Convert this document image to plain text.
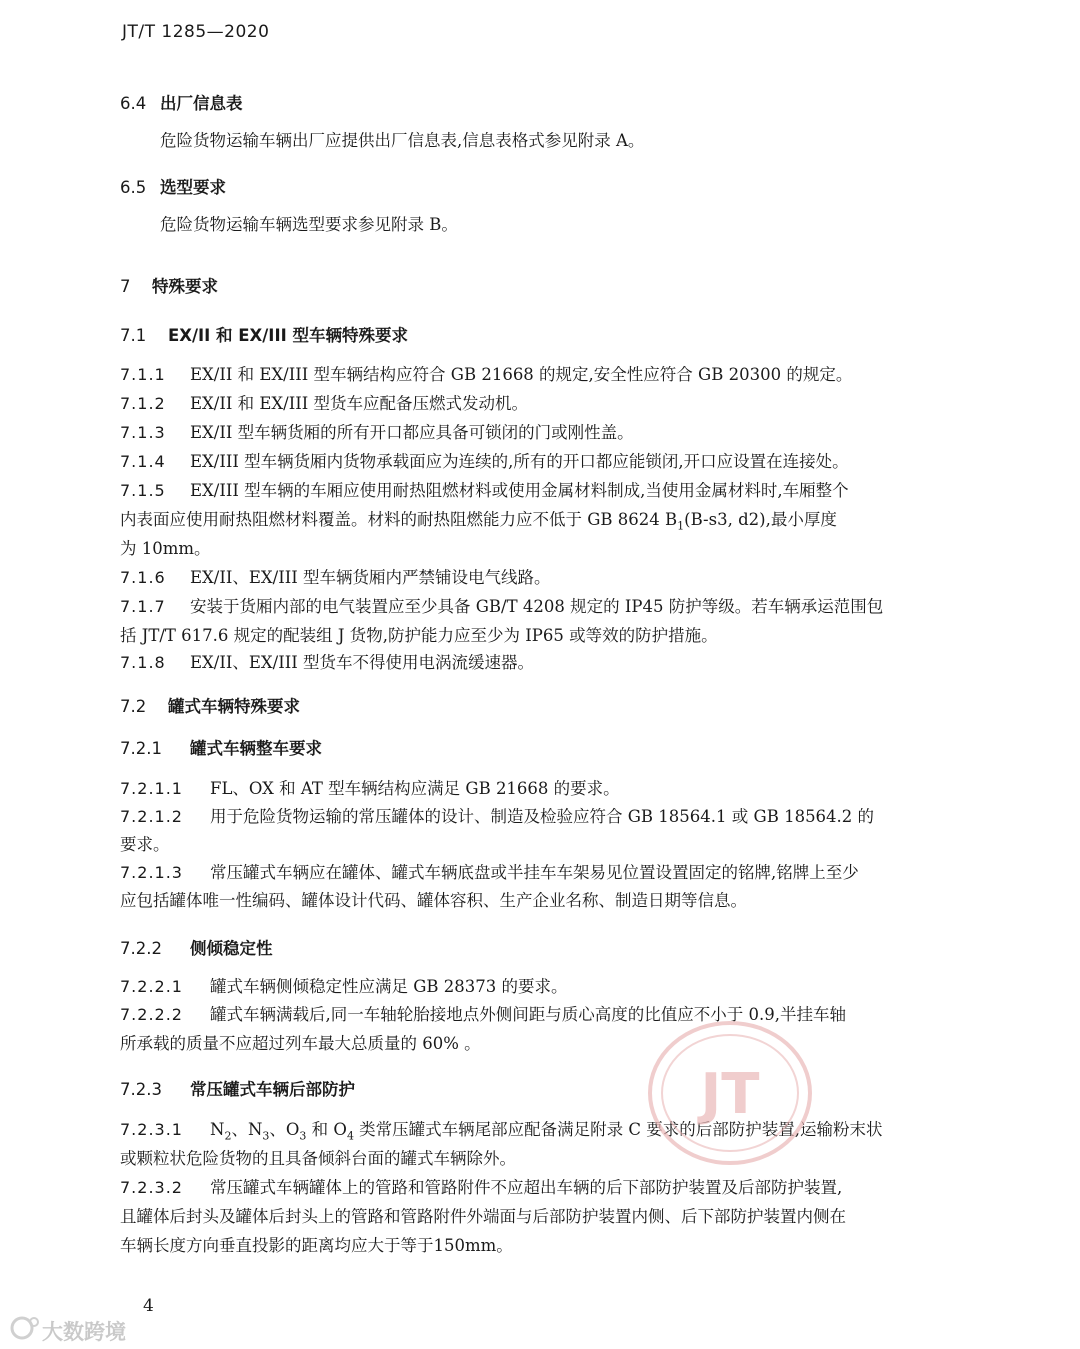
JT/T 1285—2020
6.4 出厂信息表
危险货物运输车辆出厂应提供出厂信息表,信息表格式参见附录 A。
6.5 选型要求
危险货物运输车辆选型要求参见附录 B。
7 特殊要求
7.1 EX/II 和 EX/III 型车辆特殊要求
7.1.1 EX/II 和 EX/III 型车辆结构应符合 GB 21668 的规定,安全性应符合 GB 20300 的规定。
7.1.2 EX/II 和 EX/III 型货车应配备压燃式发动机。
7.1.3 EX/II 型车辆货厢的所有开口都应具备可锁闭的门或刚性盖。
7.1.4 EX/III 型车辆货厢内货物承载面应为连续的,所有的开口都应能锁闭,开口应设置在连接处。
7.1.5 EX/III 型车辆的车厢应使用耐热阻燃材料或使用金属材料制成,当使用金属材料时,车厢整个
内表面应使用耐热阻燃材料覆盖。材料的耐热阻燃能力应不低于 GB 8624 $B_1(B-s3$, d2),最小厚度
为 10mm。
7.1.6 EX/II、EX/III 型车辆货厢内严禁铺设电气线路。
7.1.7 安装于货厢内部的电气装置应至少具备 GB/T 4208 规定的 IP45 防护等级。若车辆承运范围包
括 JT/T 617.6 规定的配装组 J 货物,防护能力应至少为 IP65 或等效的防护措施。
7.1.8 EX/II、EX/III 型货车不得使用电涡流缓速器。
7.2 罐式车辆特殊要求
7.2.1 罐式车辆整车要求
7.2.1.1 FL、OX 和 AT 型车辆结构应满足 GB 21668 的要求。
7.2.1.2 用于危险货物运输的常压罐体的设计、制造及检验应符合 GB 18564.1 或 GB 18564.2 的
要求。
7.2.1.3 常压罐式车辆应在罐体、罐式车辆底盘或半挂车车架易见位置设置固定的铭牌,铭牌上至少
应包括罐体唯一性编码、罐体设计代码、罐体容积、生产企业名称、制造日期等信息。
7.2.2 侧倾稳定性
7.2.2.1 罐式车辆侧倾稳定性应满足 GB 28373 的要求。
7.2.2.2 罐式车辆满载后,同一车轴轮胎接地点外侧间距与质心高度的比值应不小于 0.9,半挂车轴
所承载的质量不应超过列车最大总质量的 60% 。
7.2.3 常压罐式车辆后部防护
7.2.3.1 $N_2$、$N_3$、$O_3$ 和 $O_4$ 类常压罐式车辆尾部应配备满足附录 C 要求的后部防护装置,运输粉末状
或颗粒状危险货物的且具备倾斜台面的罐式车辆除外。
7.2.3.2 常压罐式车辆罐体上的管路和管路附件不应超出车辆的后下部防护装置及后部防护装置,
且罐体后封头及罐体后封头上的管路和管路附件外端面与后部防护装置内侧、后下部防护装置内侧在
车辆长度方向垂直投影的距离均应大于等于150mm。
JT
4
大数跨境
